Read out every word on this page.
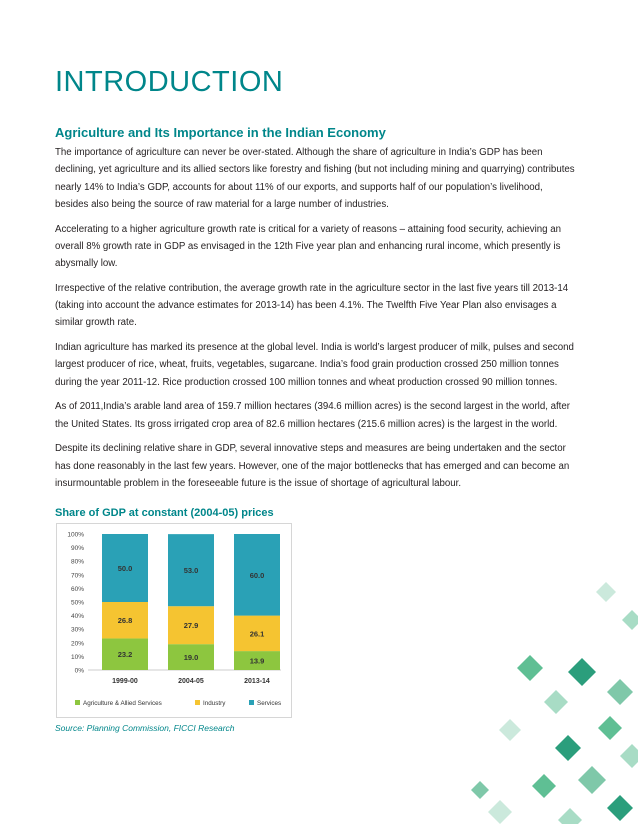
INTRODUCTION
Agriculture and Its Importance in the Indian Economy

The importance of agriculture can never be over-stated. Although the share of agriculture in India’s GDP has been declining, yet agriculture and its allied sectors like forestry and fishing (but not including mining and quarrying) contributes nearly 14% to India’s GDP, accounts for about 11% of our exports, and supports half of our population’s livelihood, besides also being the source of raw material for a large number of industries.

Accelerating to a higher agriculture growth rate is critical for a variety of reasons – attaining food security, achieving an overall 8% growth rate in GDP as envisaged in the 12th Five year plan and enhancing rural income, which presently is abysmally low.

Irrespective of the relative contribution, the average growth rate in the agriculture sector in the last five years till 2013-14 (taking into account the advance estimates for 2013-14) has been 4.1%. The Twelfth Five Year Plan also envisages a similar growth rate.

Indian agriculture has marked its presence at the global level. India is world’s largest producer of milk, pulses and second largest producer of rice, wheat, fruits, vegetables, sugarcane. India’s food grain production crossed 250 million tonnes during the year 2011-12. Rice production crossed 100 million tonnes and wheat production crossed 90 million tonnes.

As of 2011,India’s arable land area of 159.7 million hectares (394.6 million acres) is the second largest in the world, after the United States. Its gross irrigated crop area of 82.6 million hectares (215.6 million acres) is the largest in the world.

Despite its declining relative share in GDP, several innovative steps and measures are being undertaken and the sector has done reasonably in the last few years. However, one of the major bottlenecks that has emerged and can become an insurmountable problem in the foreseeable future is the issue of shortage of agricultural labour.

Share of GDP at constant (2004-05) prices
0%
10%
20%
30%
40%
50%
60%
70%
80%
90%
100%
23.2
26.8
50.0
1999-00
19.0
27.9
53.0
2004-05
13.9
26.1
60.0
2013-14
Agriculture & Allied Services	Industry	Services
Source: Planning Commission, FICCI Research
